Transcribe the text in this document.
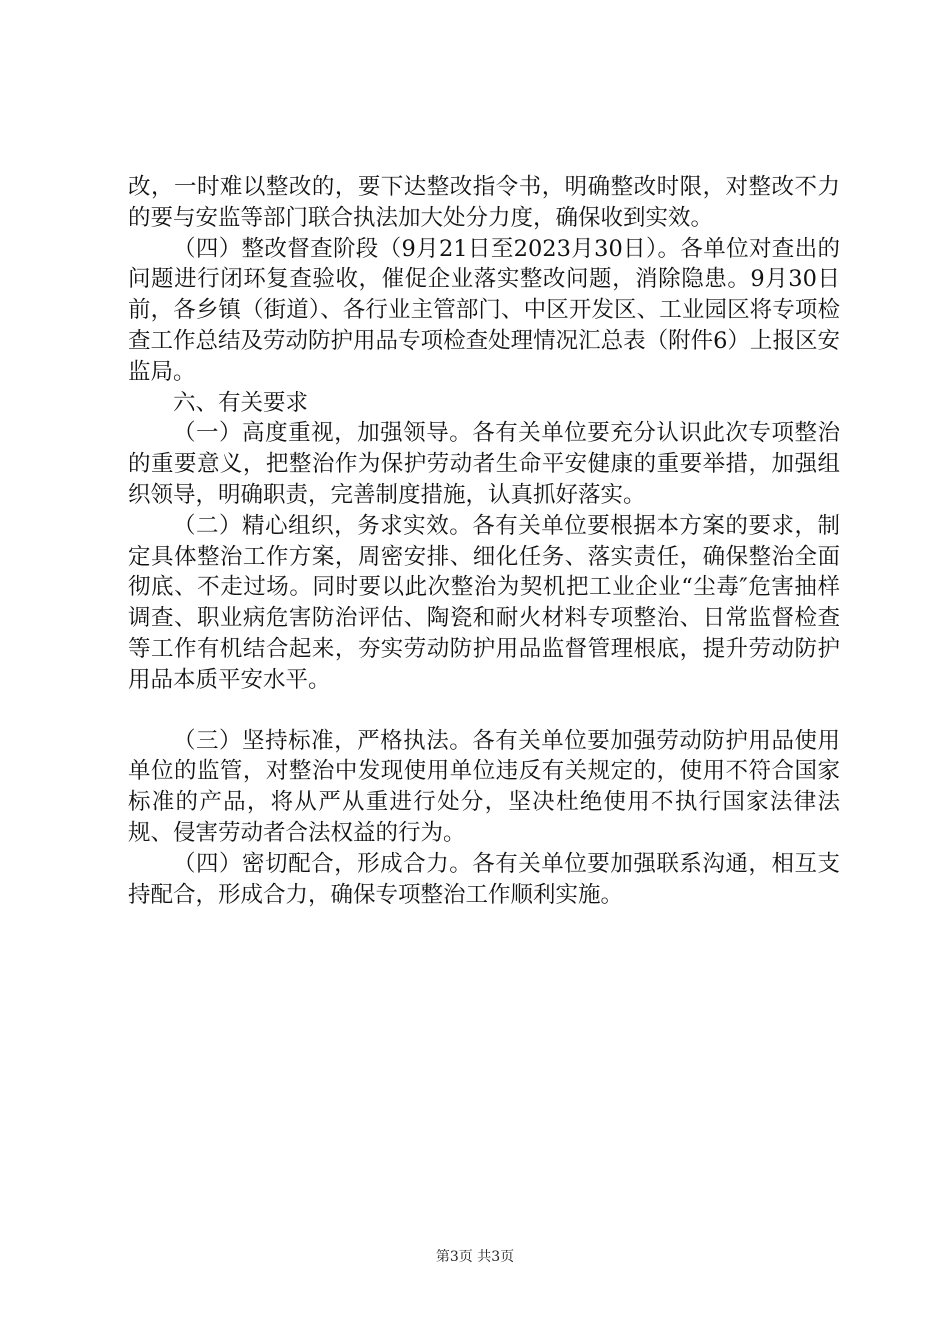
改，一时难以整改的，要下达整改指令书，明确整改时限，对整改不力的要与安监等部门联合执法加大处分力度，确保收到实效。

（四）整改督查阶段（9月21日至2023月30日）。各单位对查出的问题进行闭环复查验收，催促企业落实整改问题，消除隐患。9月30日前，各乡镇（街道）、各行业主管部门、中区开发区、工业园区将专项检查工作总结及劳动防护用品专项检查处理情况汇总表（附件6）上报区安监局。

六、有关要求

（一）高度重视，加强领导。各有关单位要充分认识此次专项整治的重要意义，把整治作为保护劳动者生命平安健康的重要举措，加强组织领导，明确职责，完善制度措施，认真抓好落实。

（二）精心组织，务求实效。各有关单位要根据本方案的要求，制定具体整治工作方案，周密安排、细化任务、落实责任，确保整治全面彻底、不走过场。同时要以此次整治为契机把工业企业“尘毒″危害抽样调查、职业病危害防治评估、陶瓷和耐火材料专项整治、日常监督检查等工作有机结合起来，夯实劳动防护用品监督管理根底，提升劳动防护用品本质平安水平。

（三）坚持标准，严格执法。各有关单位要加强劳动防护用品使用单位的监管，对整治中发现使用单位违反有关规定的，使用不符合国家标准的产品，将从严从重进行处分，坚决杜绝使用不执行国家法律法规、侵害劳动者合法权益的行为。

（四）密切配合，形成合力。各有关单位要加强联系沟通，相互支持配合，形成合力，确保专项整治工作顺利实施。

第3页 共3页
